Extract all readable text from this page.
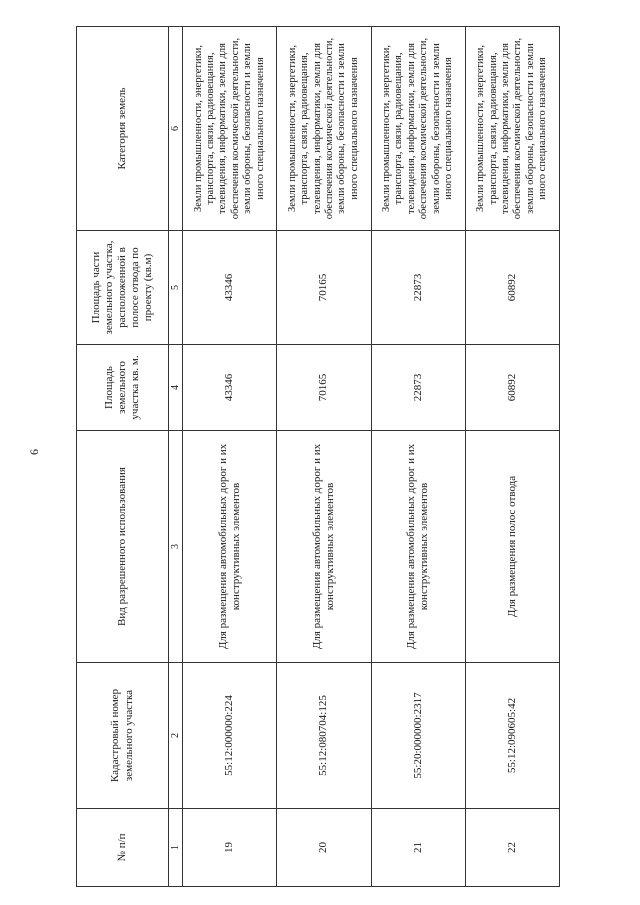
6
№ п/п	Кадастровый номер земельного участка	Вид разрешенного использования	Площадь земельного участка кв. м.	Площадь части земельного участка, расположенной в полосе отвода по проекту (кв.м)	Категория земель
1	2	3	4	5	6
19	55:12:000000:224	Для размещения автомобильных дорог и их конструктивных элементов	43346	43346	Земли промышленности, энергетики, транспорта, связи, радиовещания, телевидения, информатики, земли для обеспечения космической деятельности, земли обороны, безопасности и земли иного специального назначения
20	55:12:080704:125	Для размещения автомобильных дорог и их конструктивных элементов	70165	70165	Земли промышленности, энергетики, транспорта, связи, радиовещания, телевидения, информатики, земли для обеспечения космической деятельности, земли обороны, безопасности и земли иного специального назначения
21	55:20:000000:2317	Для размещения автомобильных дорог и их конструктивных элементов	22873	22873	Земли промышленности, энергетики, транспорта, связи, радиовещания, телевидения, информатики, земли для обеспечения космической деятельности, земли обороны, безопасности и земли иного специального назначения
22	55:12:090605:42	Для размещения полос отвода	60892	60892	Земли промышленности, энергетики, транспорта, связи, радиовещания, телевидения, информатики, земли для обеспечения космической деятельности, земли обороны, безопасности и земли иного специального назначения
